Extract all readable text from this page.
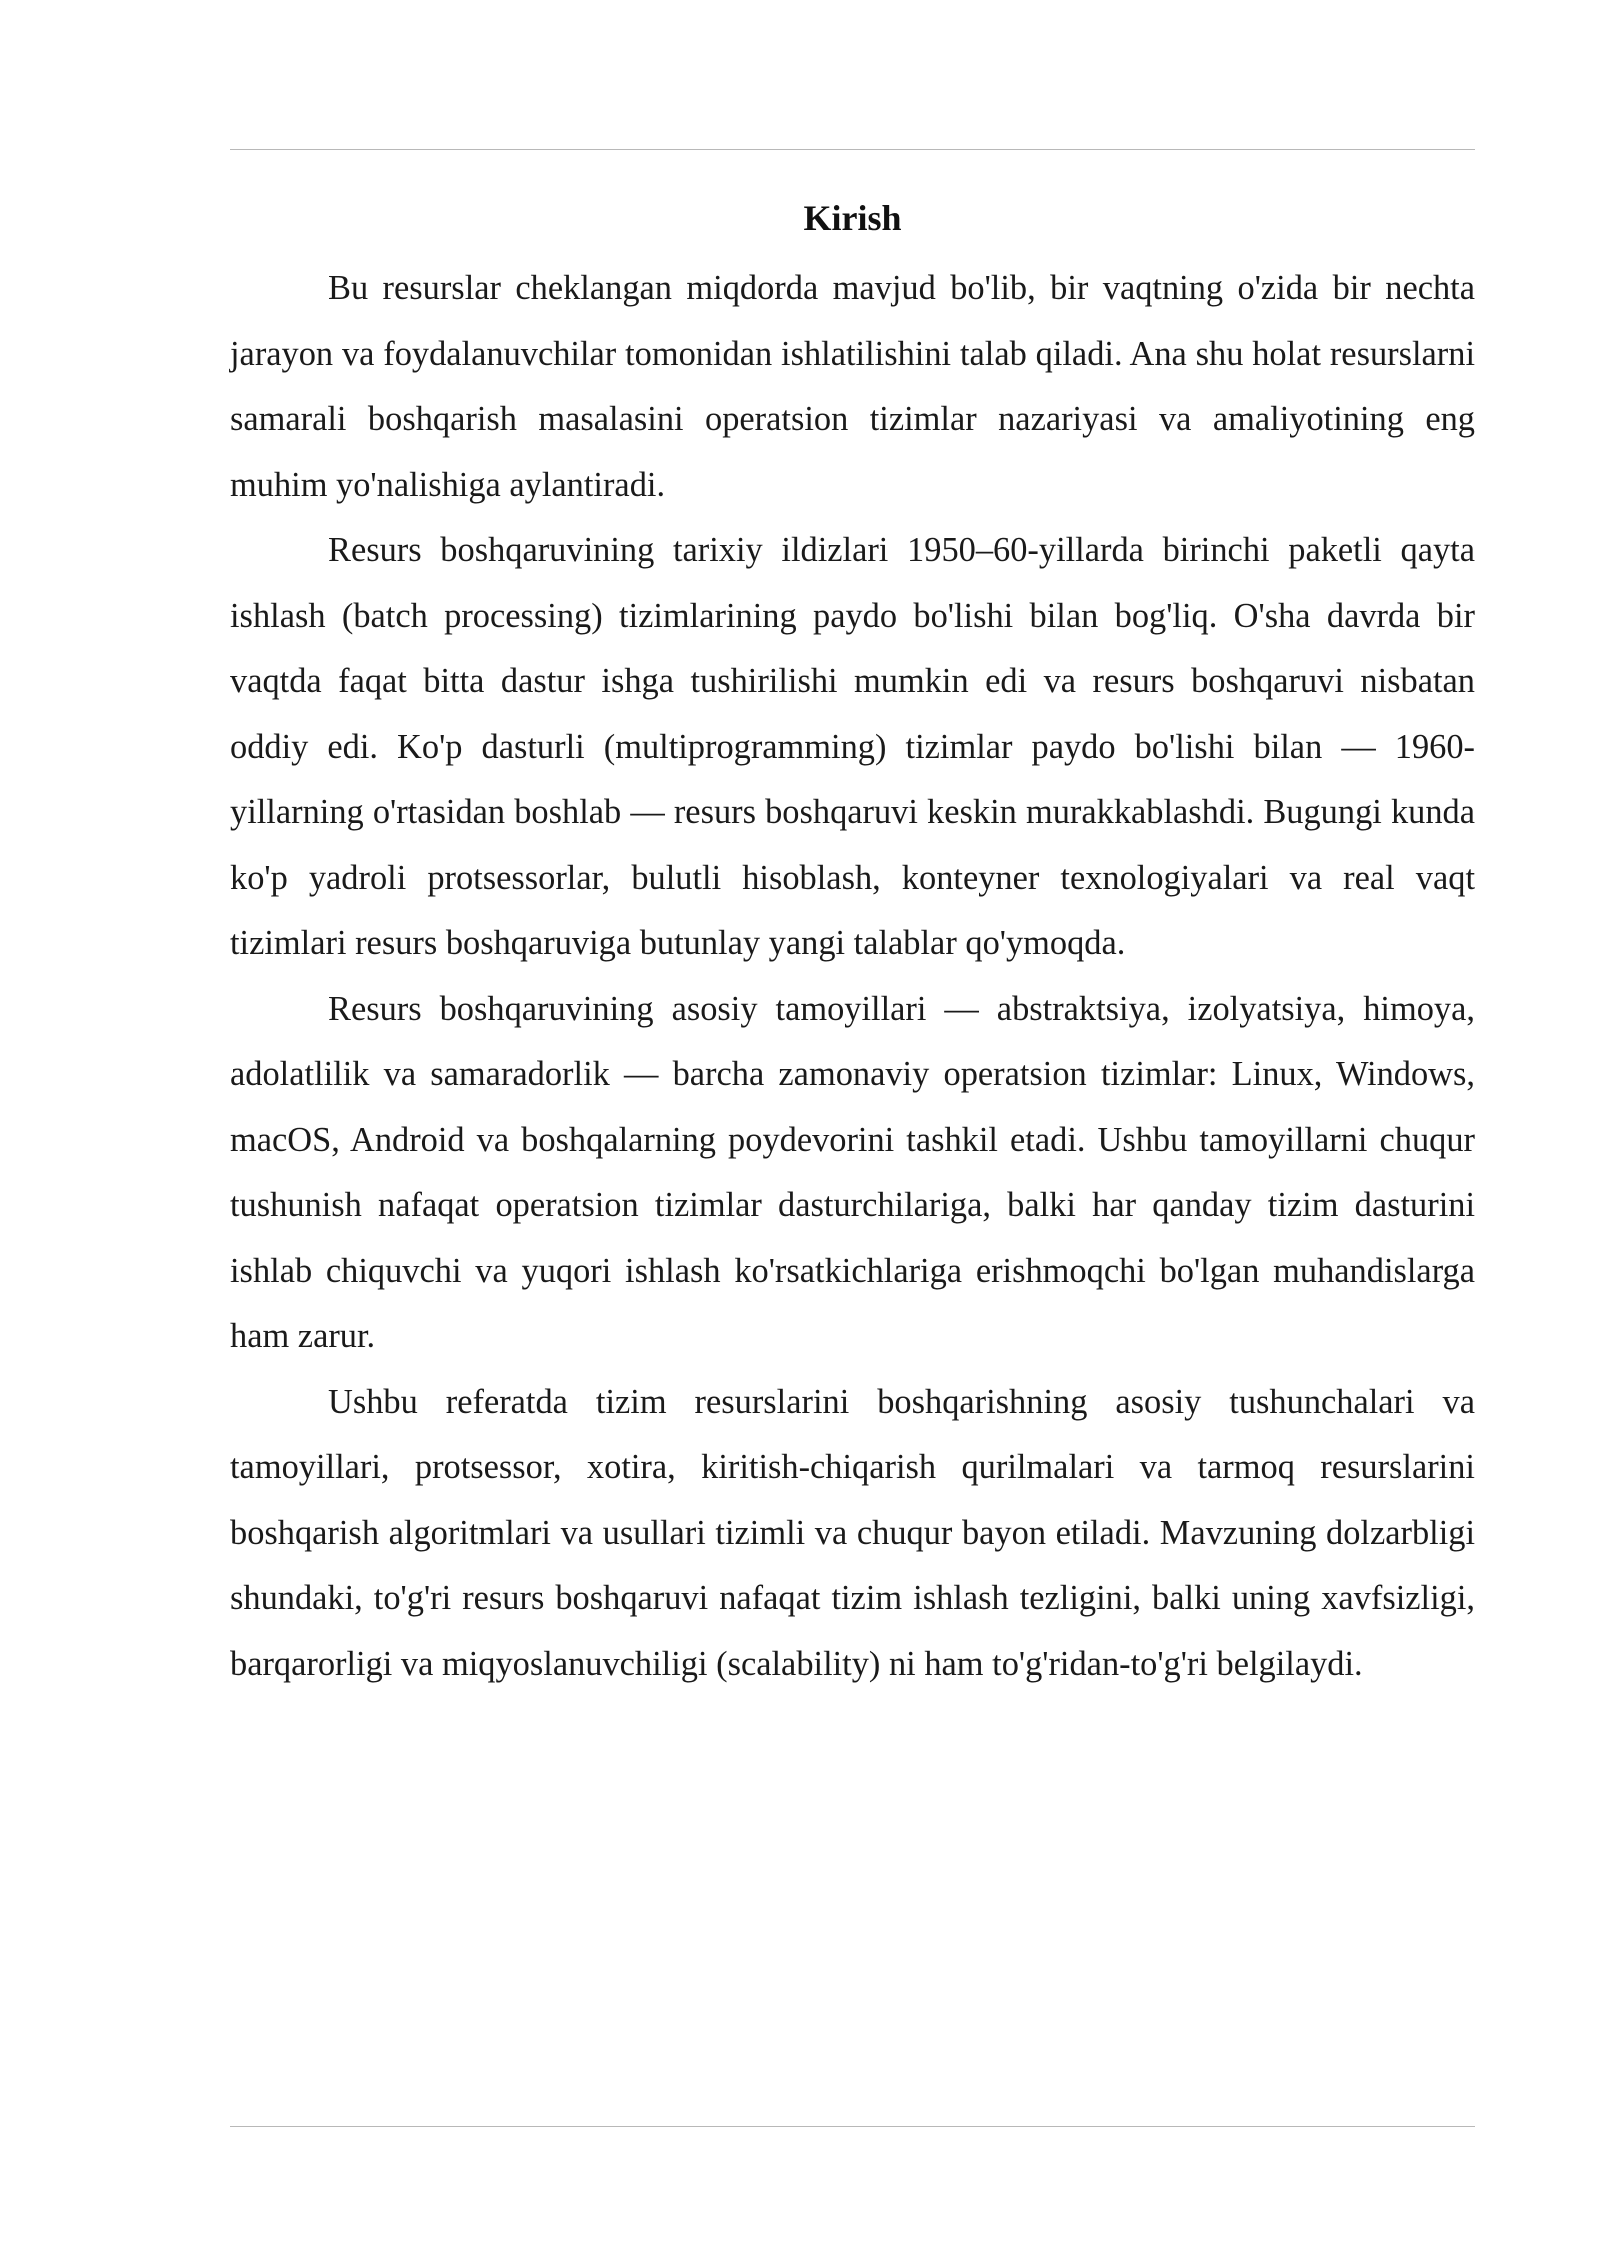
Kirish

Bu resurslar cheklangan miqdorda mavjud bo'lib, bir vaqtning o'zida bir nechta jarayon va foydalanuvchilar tomonidan ishlatilishini talab qiladi. Ana shu holat resurslarni samarali boshqarish masalasini operatsion tizimlar nazariyasi va amaliyotining eng muhim yo'nalishiga aylantiradi.

Resurs boshqaruvining tarixiy ildizlari 1950–60-yillarda birinchi paketli qayta ishlash (batch processing) tizimlarining paydo bo'lishi bilan bog'liq. O'sha davrda bir vaqtda faqat bitta dastur ishga tushirilishi mumkin edi va resurs boshqaruvi nisbatan oddiy edi. Ko'p dasturli (multiprogramming) tizimlar paydo bo'lishi bilan — 1960-yillarning o'rtasidan boshlab — resurs boshqaruvi keskin murakkablashdi. Bugungi kunda ko'p yadroli protsessorlar, bulutli hisoblash, konteyner texnologiyalari va real vaqt tizimlari resurs boshqaruviga butunlay yangi talablar qo'ymoqda.

Resurs boshqaruvining asosiy tamoyillari — abstraktsiya, izolyatsiya, himoya, adolatlilik va samaradorlik — barcha zamonaviy operatsion tizimlar: Linux, Windows, macOS, Android va boshqalarning poydevorini tashkil etadi. Ushbu tamoyillarni chuqur tushunish nafaqat operatsion tizimlar dasturchilariga, balki har qanday tizim dasturini ishlab chiquvchi va yuqori ishlash ko'rsatkichlariga erishmoqchi bo'lgan muhandislarga ham zarur.

Ushbu referatda tizim resurslarini boshqarishning asosiy tushunchalari va tamoyillari, protsessor, xotira, kiritish-chiqarish qurilmalari va tarmoq resurslarini boshqarish algoritmlari va usullari tizimli va chuqur bayon etiladi. Mavzuning dolzarbligi shundaki, to'g'ri resurs boshqaruvi nafaqat tizim ishlash tezligini, balki uning xavfsizligi, barqarorligi va miqyoslanuvchiligi (scalability) ni ham to'g'ridan-to'g'ri belgilaydi.
